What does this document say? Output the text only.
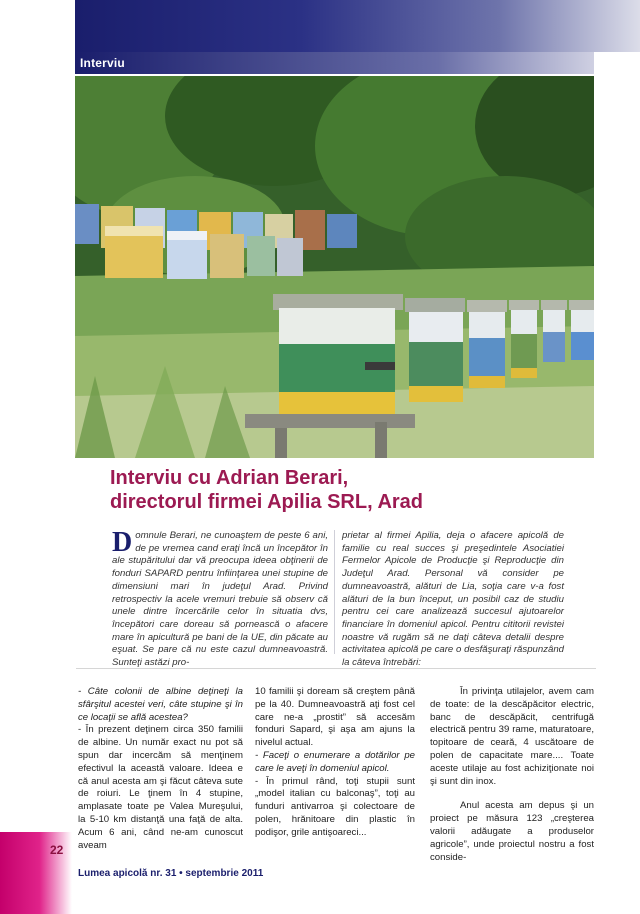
22
Interviu
Interviu cu Adrian Berari,
directorul firmei Apilia SRL, Arad
Domnule Berari, ne cunoaştem de peste 6 ani, de pe vremea cand eraţi încă un începător în ale stupăritului dar vă preocupa ideea obţinerii de fonduri SAPARD pentru înfiinţarea unei stupine de dimensiuni mari în judeţul Arad. Privind retrospectiv la acele vremuri trebuie să observ că unele dintre încercările celor în situatia dvs, începători care doreau să pornească o afacere mare în apicultură pe bani de la UE, din păcate au eşuat. Se pare că nu este cazul dumneavoastră. Sunteţi astăzi pro-
prietar al firmei Apilia, deja o afacere apicolă de familie cu real succes şi preşedintele Asociatiei Fermelor Apicole de Producţie şi Reproducţie din Judeţul Arad. Personal vă consider pe dumneavoastră, alături de Lia, soţia care v-a fost alături de la bun început, un posibil caz de studiu pentru cei care analizează succesul ajutoarelor financiare în domeniul apicol. Pentru cititorii revistei noastre vă rugăm să ne daţi câteva detalii despre activitatea apicolă pe care o desfăşuraţi răspunzând la câteva întrebări:

- Câte colonii de albine deţineţi la sfârşitul acestei veri, câte stupine şi în ce locaţii se află acestea?

- În prezent deţinem circa 350 familii de albine. Un număr exact nu pot să spun dar incercăm să menţinem efectivul la această valoare. Ideea e că anul acesta am şi făcut câteva sute de roiuri. Le ţinem în 4 stupine, amplasate toate pe Valea Mureşului, la 5-10 km distanţă una faţă de alta. Acum 6 ani, când ne-am cunoscut aveam

10 familii şi doream să creştem până pe la 40. Dumneavoastră aţi fost cel care ne-a „prostit” să accesăm fonduri Sapard, şi aşa am ajuns la nivelul actual.

- Faceţi o enumerare a dotărilor pe care le aveţi în domeniul apicol.

- În primul rând, toţi stupii sunt „model italian cu balconaş”, toţi au funduri antivarroa şi colectoare de polen, hrănitoare din plastic în podişor, grile antişoareci...

În privinţa utilajelor, avem cam de toate: de la descăpăcitor electric, banc de descăpăcit, centrifugă electrică pentru 39 rame, maturatoare, topitoare de ceară, 4 uscătoare de polen de capacitate mare.... Toate aceste utilaje au fost achiziţionate noi şi sunt din inox.

Anul acesta am depus şi un proiect pe măsura 123 „creşterea valorii adăugate a produselor agricole”, unde proiectul nostru a fost conside-

Lumea apicolă nr. 31 • septembrie 2011
